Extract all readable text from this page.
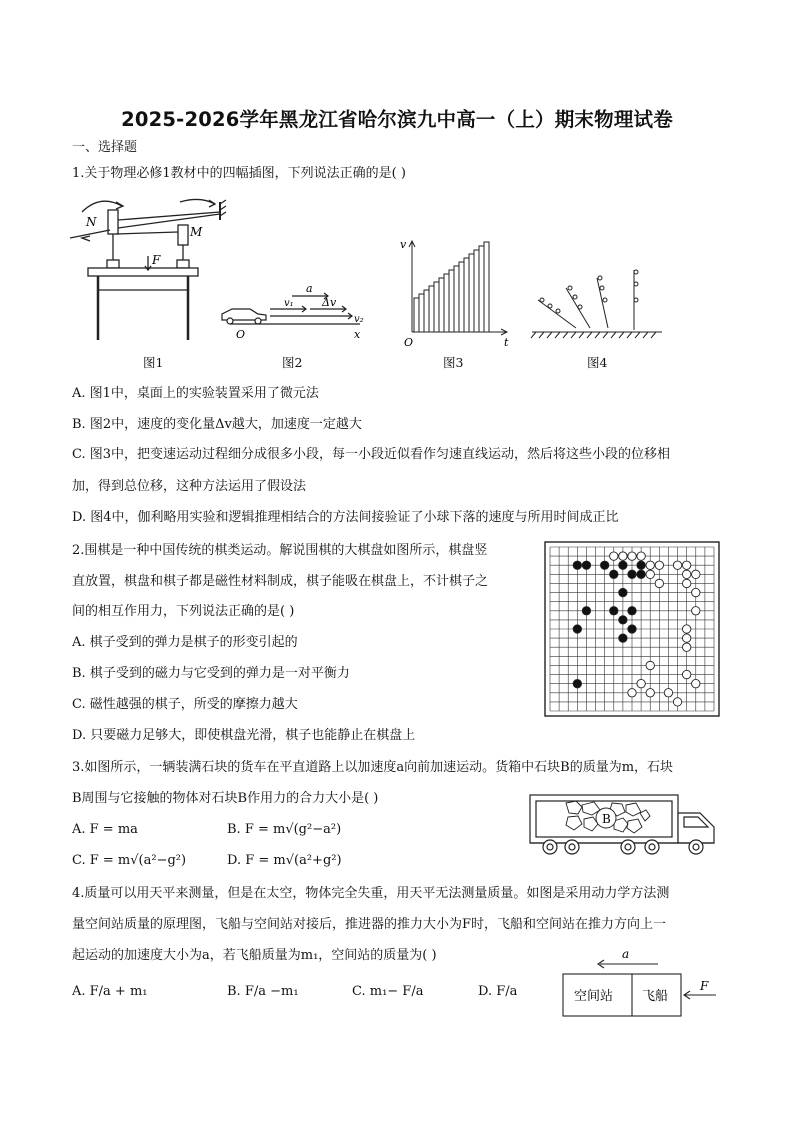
2025-2026学年黑龙江省哈尔滨九中高一（上）期末物理试卷
一、选择题
1.关于物理必修1教材中的四幅插图，下列说法正确的是( )
N
M
F
a
Δv
v₁
v₂
O	x
v
O	t
图1	图2	图3	图4
A. 图1中，桌面上的实验装置采用了微元法
B. 图2中，速度的变化量Δv越大，加速度一定越大
C. 图3中，把变速运动过程细分成很多小段，每一小段近似看作匀速直线运动，然后将这些小段的位移相
加，得到总位移，这种方法运用了假设法
D. 图4中，伽利略用实验和逻辑推理相结合的方法间接验证了小球下落的速度与所用时间成正比
2.围棋是一种中国传统的棋类运动。解说围棋的大棋盘如图所示，棋盘竖
直放置，棋盘和棋子都是磁性材料制成，棋子能吸在棋盘上，不计棋子之
间的相互作用力，下列说法正确的是( )
A. 棋子受到的弹力是棋子的形变引起的
B. 棋子受到的磁力与它受到的弹力是一对平衡力
C. 磁性越强的棋子，所受的摩擦力越大
D. 只要磁力足够大，即使棋盘光滑，棋子也能静止在棋盘上
3.如图所示，一辆装满石块的货车在平直道路上以加速度a向前加速运动。货箱中石块B的质量为m，石块
B周围与它接触的物体对石块B作用力的合力大小是( )
A. F = ma	B. F = m√(g²−a²)
C. F = m√(a²−g²)	D. F = m√(a²+g²)
B
4.质量可以用天平来测量，但是在太空，物体完全失重，用天平无法测量质量。如图是采用动力学方法测
量空间站质量的原理图，飞船与空间站对接后，推进器的推力大小为F时，飞船和空间站在推力方向上一
起运动的加速度大小为a，若飞船质量为m₁，空间站的质量为( )
A. F/a + m₁	B. F/a −m₁	C. m₁− F/a	D. F/a
a
空间站 飞船
F
